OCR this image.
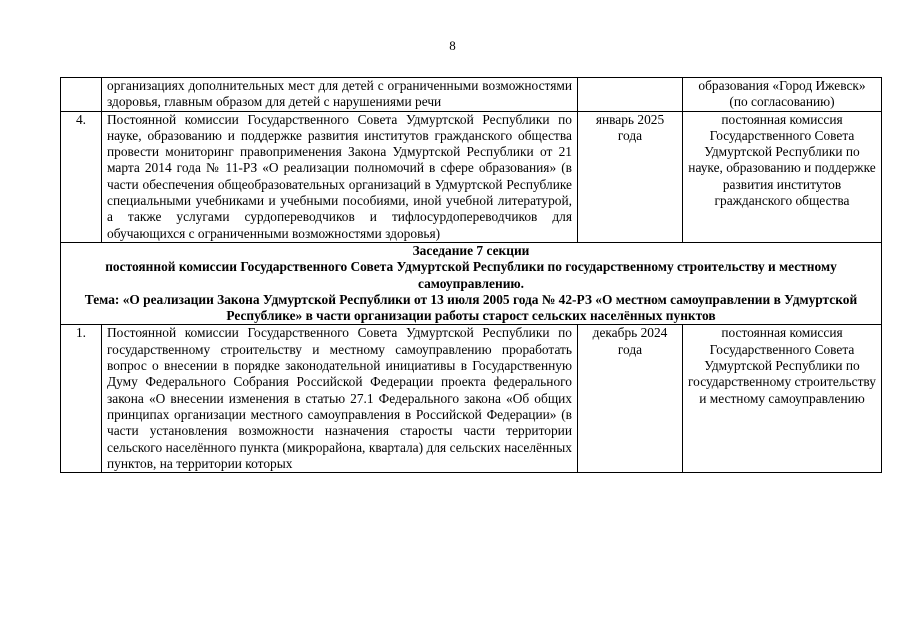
8
	организациях дополнительных мест для детей с ограниченными возможностями здоровья, главным образом для детей с нарушениями речи		образования «Город Ижевск» (по согласованию)
4.	Постоянной комиссии Государственного Совета Удмуртской Республики по науке, образованию и поддержке развития институтов гражданского общества провести мониторинг правоприменения Закона Удмуртской Республики от 21 марта 2014 года № 11-РЗ «О реализации полномочий в сфере образования» (в части обеспечения общеобразовательных организаций в Удмуртской Республике специальными учебниками и учебными пособиями, иной учебной литературой, а также услугами сурдопереводчиков и тифлосурдопереводчиков для обучающихся с ограниченными возможностями здоровья)	январь 2025 года	постоянная комиссия Государственного Совета Удмуртской Республики по науке, образованию и поддержке развития институтов гражданского общества

Заседание 7 секции
постоянной комиссии Государственного Совета Удмуртской Республики по государственному строительству и местному самоуправлению.
Тема: «О реализации Закона Удмуртской Республики от 13 июля 2005 года № 42-РЗ «О местном самоуправлении в Удмуртской Республике» в части организации работы старост сельских населённых пунктов			

1.	Постоянной комиссии Государственного Совета Удмуртской Республики по государственному строительству и местному самоуправлению проработать вопрос о внесении в порядке законодательной инициативы в Государственную Думу Федерального Собрания Российской Федерации проекта федерального закона «О внесении изменения в статью 27.1 Федерального закона «Об общих принципах организации местного самоуправления в Российской Федерации» (в части установления возможности назначения старосты части территории сельского населённого пункта (микрорайона, квартала) для сельских населённых пунктов, на территории которых	декабрь 2024 года	постоянная комиссия Государственного Совета Удмуртской Республики по государственному строительству и местному самоуправлению
